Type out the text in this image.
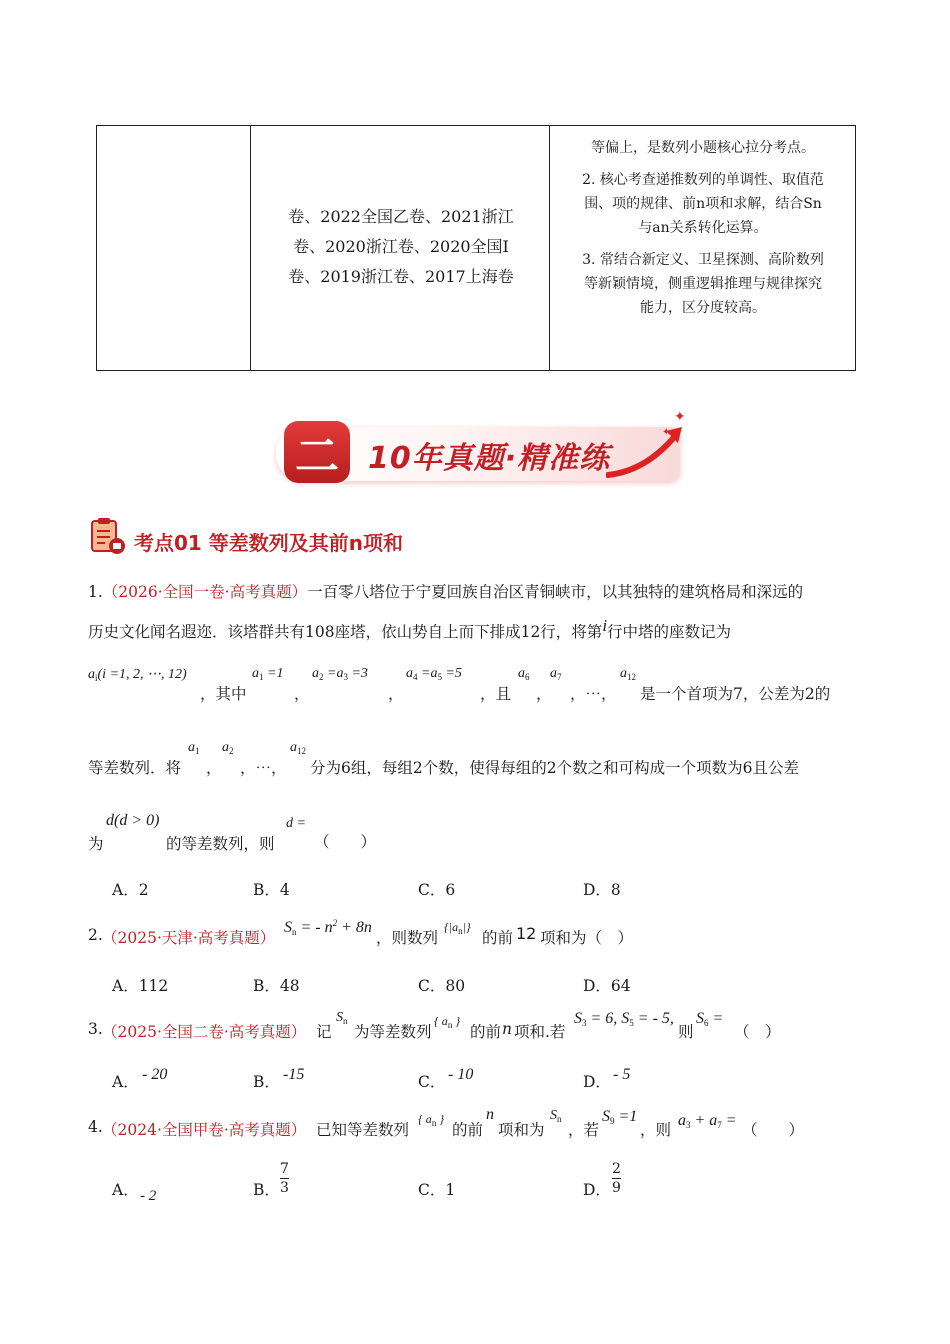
卷、2022全国乙卷、2021浙江
卷、2020浙江卷、2020全国Ⅰ
卷、2019浙江卷、2017上海卷

等偏上，是数列小题核心拉分考点。

2. 核心考查递推数列的单调性、取值范
围、项的规律、前n项和求解，结合Sn
与an关系转化运算。

3. 常结合新定义、卫星探测、高阶数列
等新颖情境，侧重逻辑推理与规律探究
能力，区分度较高。

✦
✦
二 10年真题·精准练
考点01 等差数列及其前n项和
1.（2026·全国一卷·高考真题）一百零八塔位于宁夏回族自治区青铜峡市，以其独特的建筑格局和深远的
历史文化闻名遐迩．该塔群共有108座塔，依山势自上而下排成12行，将第i行中塔的座数记为
$a_i(i =1$, 2, ⋯, 12)
，其中
$a_1 =1$
，
$a_2 =a_3 =3$
，
$a_4 =a_5 =5$
，且
$a_6$
，
$a_7$
，⋯，
$a_{12}$
是一个首项为7，公差为2的
等差数列．将
$a_1$
，
$a_2$
，⋯，
$a_{12}$
分为6组，每组2个数，使得每组的2个数之和可构成一个项数为6且公差
为
d(d > 0)
的等差数列，则
d =
（　　）
A．2	B．4	C．6	D．8
2. （2025·天津·高考真题）
$S_n$ = - $n^2 + 8n$
，则数列
$\{|a_n|\}$
的前 12 项和为（　）
A．112	B．48	C．80	D．64
3. （2025·全国二卷·高考真题） 记
$S_n$
为等差数列
{ $a_n$ }
的前 n 项和.若
$S_3 = 6$, $S_5$ = - 5,
则
$S_6$ =
（　）
A． - 20	B． -15	C． - 10	D． - 5
4. （2024·全国甲卷·高考真题） 已知等差数列
{ $a_n$ }
的前
n
项和为
$S_n$
，若
$S_9 =1$
，则
$a_3 + a_7$ =
（　　）
A． - 2	B． $\frac{7}{3}$	C．1	D． $\frac{2}{9}$
